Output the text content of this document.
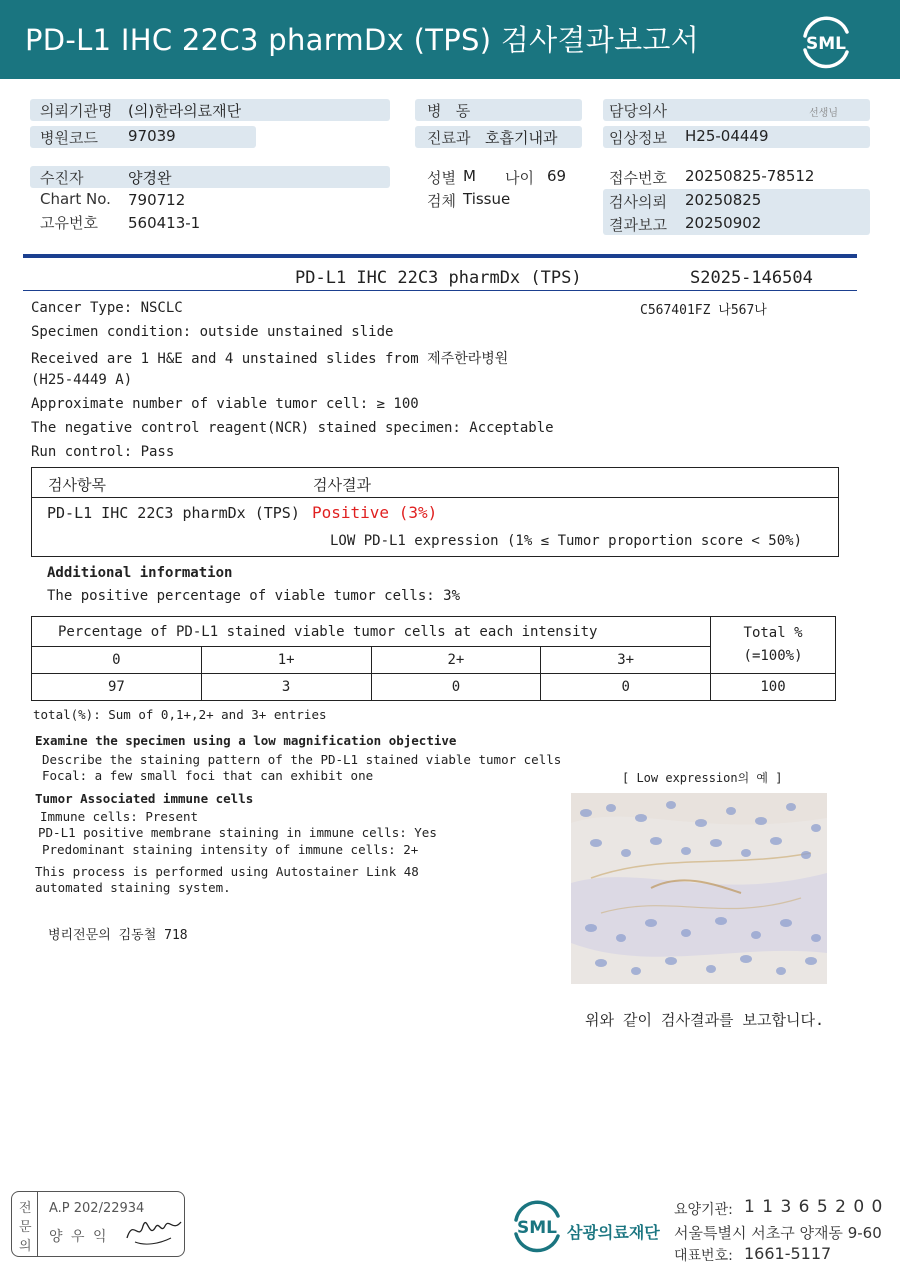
PD-L1 IHC 22C3 pharmDx (TPS) 검사결과보고서	SML
의뢰기관명 (의)한라의료재단
병원코드 97039
수진자	양경완
Chart No. 790712
고유번호 560413-1
병   동
진료과 호흡기내과
성별 M 나이 69
검체 Tissue
담당의사	선생님
임상정보 H25-04449
접수번호 20250825-78512
검사의뢰 20250825
결과보고 20250902
PD-L1 IHC 22C3 pharmDx (TPS)	S2025-146504
C567401FZ 나567나
Cancer Type: NSCLC
Specimen condition: outside unstained slide
Received are 1 H&E and 4 unstained slides from 제주한라병원
(H25-4449 A)
Approximate number of viable tumor cell: ≥ 100
The negative control reagent(NCR) stained specimen: Acceptable
Run control: Pass
검사항목	검사결과
PD-L1 IHC 22C3 pharmDx (TPS) Positive (3%)
LOW PD-L1 expression (1% ≤ Tumor proportion score < 50%)
Additional information
The positive percentage of viable tumor cells: 3%
Percentage of PD-L1 stained viable tumor cells at each intensity				Total %
(=100%)
0	1+	2+	3+	
97	3	0	0	100
total(%): Sum of 0,1+,2+ and 3+ entries
Examine the specimen using a low magnification objective
Describe the staining pattern of the PD-L1 stained viable tumor cells
Focal: a few small foci that can exhibit one	[ Low expression의 예 ]
Tumor Associated immune cells
Immune cells: Present
PD-L1 positive membrane staining in immune cells: Yes
Predominant staining intensity of immune cells: 2+
This process is performed using Autostainer Link 48
automated staining system.
병리전문의 김동철 718
위와 같이 검사결과를 보고합니다.
전
문
의
A.P 202/22934
양 우 익	SML 삼광의료재단
요양기관: 1 1 3 6 5 2 0 0
서울특별시 서초구 양재동 9-60
대표번호: 1661-5117
